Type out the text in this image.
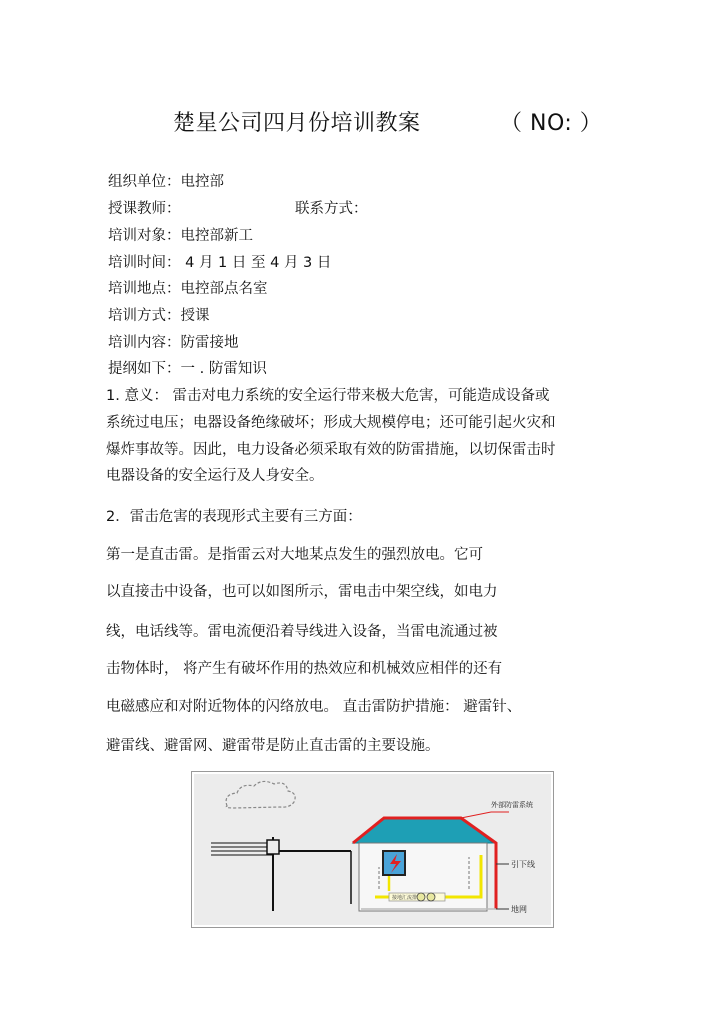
楚星公司四月份培训教案	（ NO: ）
组织单位：电控部
授课教师：	联系方式：
培训对象：电控部新工
培训时间： 4 月 1 日 至 4 月 3 日
培训地点：电控部点名室
培训方式：授课
培训内容：防雷接地
提纲如下：一 . 防雷知识
1. 意义： 雷击对电力系统的安全运行带来极大危害，可能造成设备或
系统过电压；电器设备绝缘破坏；形成大规模停电；还可能引起火灾和
爆炸事故等。因此，电力设备必须采取有效的防雷措施，以切保雷击时
电器设备的安全运行及人身安全。
2．雷击危害的表现形式主要有三方面：
第一是直击雷。是指雷云对大地某点发生的强烈放电。它可
以直接击中设备，也可以如图所示，雷电击中架空线，如电力
线，电话线等。雷电流便沿着导线进入设备，当雷电流通过被
击物体时， 将产生有破坏作用的热效应和机械效应相伴的还有
电磁感应和对附近物体的闪络放电。 直击雷防护措施： 避雷针、
避雷线、避雷网、避雷带是防止直击雷的主要设施。
外部防雷系统
引下线
地网
接地汇流排
